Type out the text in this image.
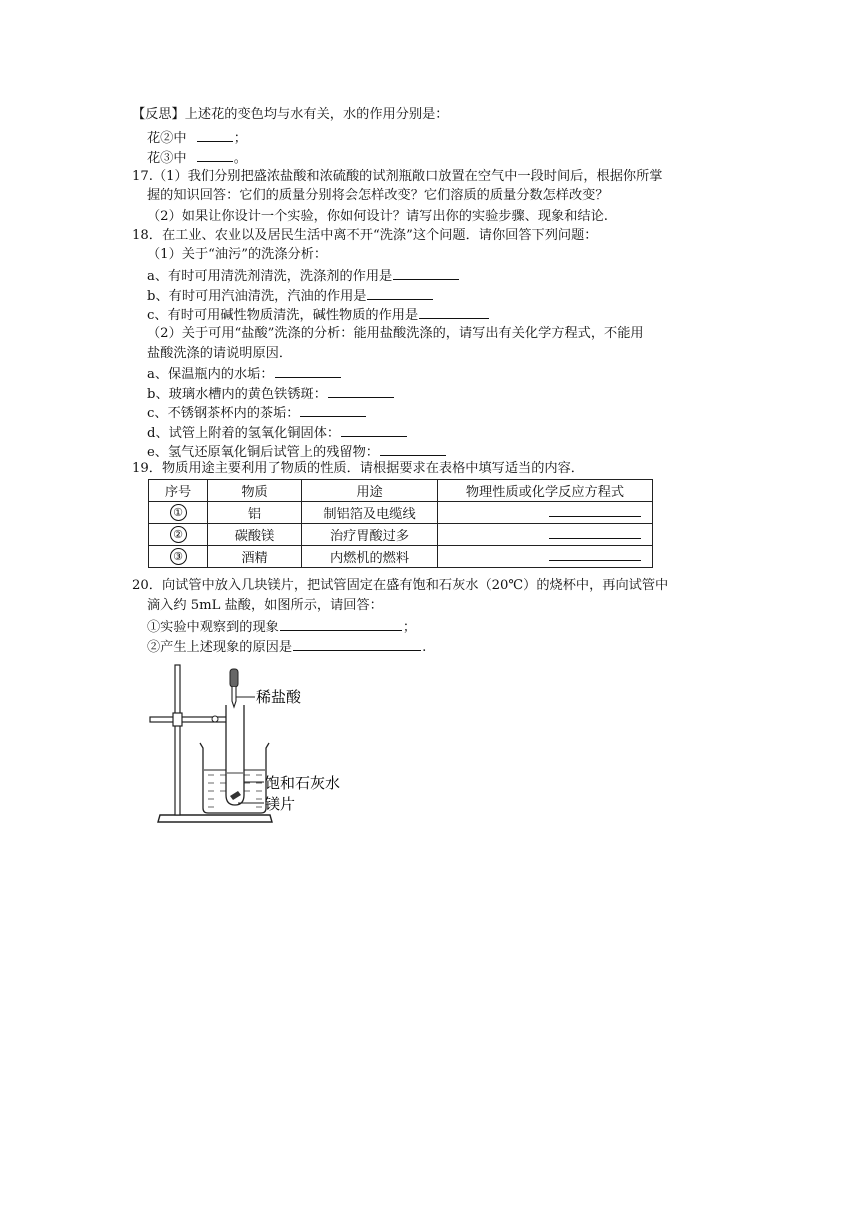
【反思】上述花的变色均与水有关，水的作用分别是：
花②中	；
花③中	。
17.（1）我们分别把盛浓盐酸和浓硫酸的试剂瓶敞口放置在空气中一段时间后，根据你所掌
握的知识回答：它们的质量分别将会怎样改变？它们溶质的质量分数怎样改变？
（2）如果让你设计一个实验，你如何设计？请写出你的实验步骤、现象和结论.
18．在工业、农业以及居民生活中离不开“洗涤”这个问题．请你回答下列问题：
（1）关于“油污”的洗涤分析：
a、有时可用清洗剂清洗，洗涤剂的作用是
b、有时可用汽油清洗，汽油的作用是
c、有时可用碱性物质清洗，碱性物质的作用是
（2）关于可用“盐酸”洗涤的分析：能用盐酸洗涤的，请写出有关化学方程式，不能用
盐酸洗涤的请说明原因．
a、保温瓶内的水垢：
b、玻璃水槽内的黄色铁锈斑：
c、不锈钢茶杯内的茶垢：
d、试管上附着的氢氧化铜固体：
e、氢气还原氧化铜后试管上的残留物：
19．物质用途主要利用了物质的性质．请根据要求在表格中填写适当的内容．
序号	物质	用途	物理性质或化学反应方程式
①	铝	制铝箔及电缆线	
②	碳酸镁	治疗胃酸过多	
③	酒精	内燃机的燃料	
20．向试管中放入几块镁片，把试管固定在盛有饱和石灰水（20℃）的烧杯中，再向试管中
滴入约 5mL 盐酸，如图所示，请回答：
①实验中观察到的现象	；
②产生上述现象的原因是	.
稀盐酸
饱和石灰水
镁片
